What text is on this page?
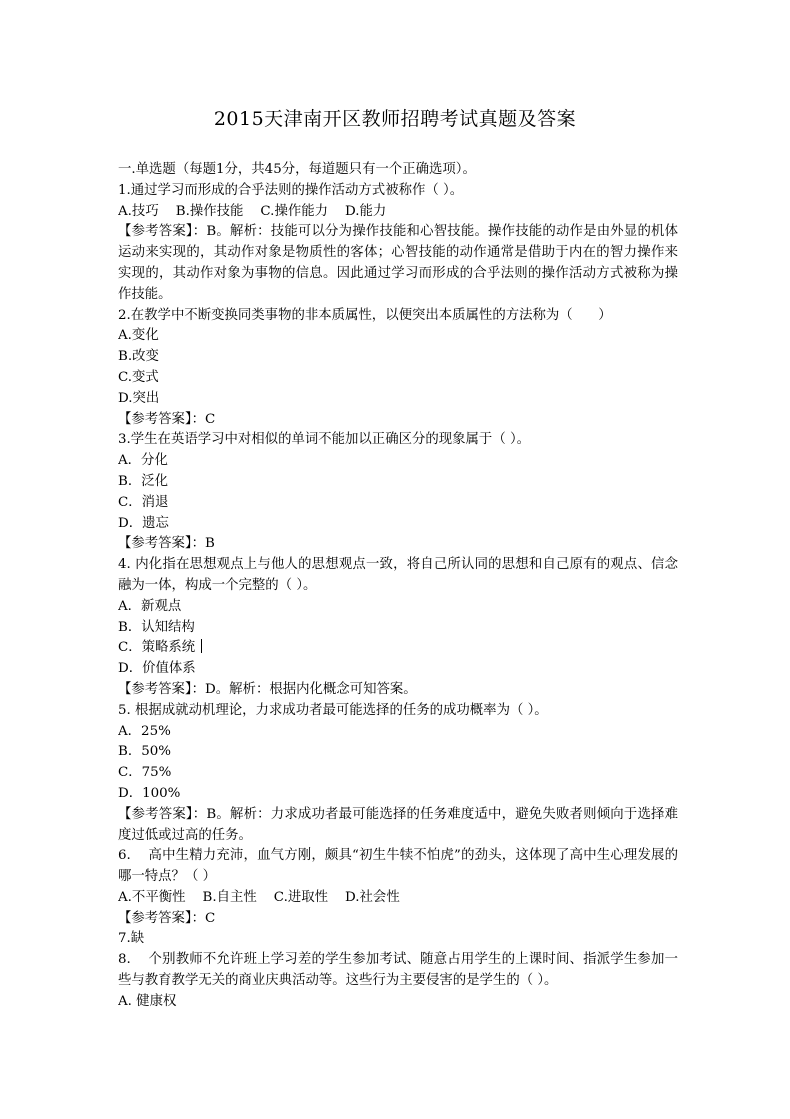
2015天津南开区教师招聘考试真题及答案
一.单选题（每题1分，共45分，每道题只有一个正确选项）。
1.通过学习而形成的合乎法则的操作活动方式被称作（ ）。
A.技巧    B.操作技能    C.操作能力    D.能力
【参考答案】：B。解析：技能可以分为操作技能和心智技能。操作技能的动作是由外显的机体运动来实现的，其动作对象是物质性的客体；心智技能的动作通常是借助于内在的智力操作来实现的，其动作对象为事物的信息。因此通过学习而形成的合乎法则的操作活动方式被称为操作技能。
2.在教学中不断变换同类事物的非本质属性，以便突出本质属性的方法称为（      ）
A.变化
B.改变
C.变式
D.突出
【参考答案】：C
3.学生在英语学习中对相似的单词不能加以正确区分的现象属于（ ）。
A．分化
B．泛化
C．消退
D．遗忘
【参考答案】：B
4. 内化指在思想观点上与他人的思想观点一致，将自己所认同的思想和自己原有的观点、信念融为一体，构成一个完整的（ ）。
A．新观点
B．认知结构
C．策略系统
D．价值体系
【参考答案】：D。解析：根据内化概念可知答案。
5. 根据成就动机理论，力求成功者最可能选择的任务的成功概率为（ ）。
A．25%
B．50%
C．75%
D．100%
【参考答案】：B。解析：力求成功者最可能选择的任务难度适中，避免失败者则倾向于选择难度过低或过高的任务。
6.    高中生精力充沛，血气方刚，颇具“初生牛犊不怕虎”的劲头，这体现了高中生心理发展的哪一特点？（ ）
A.不平衡性    B.自主性    C.进取性    D.社会性
【参考答案】：C
7.缺
8.    个别教师不允许班上学习差的学生参加考试、随意占用学生的上课时间、指派学生参加一些与教育教学无关的商业庆典活动等。这些行为主要侵害的是学生的（ ）。
A. 健康权
